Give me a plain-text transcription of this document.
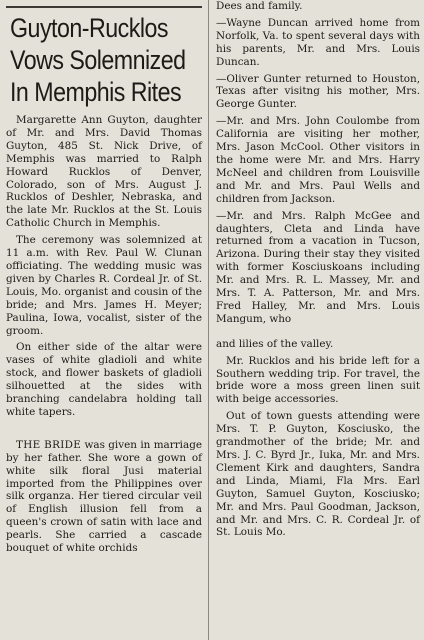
Guyton-Rucklos
Vows Solemnized
In Memphis Rites

Margarette Ann Guyton, daughter of Mr. and Mrs. David Thomas Guyton, 485 St. Nick Drive, of Memphis was married to Ralph Howard Rucklos of Denver, Colorado, son of Mrs. August J. Rucklos of Deshler, Nebraska, and the late Mr. Rucklos at the St. Louis Catholic Church in Memphis.

The ceremony was solemnized at 11 a.m. with Rev. Paul W. Clunan officiating. The wedding music was given by Charles R. Cordeal Jr. of St. Louis, Mo. organist and cousin of the bride; and Mrs. James H. Meyer; Paulina, Iowa, vocalist, sister of the groom.

On either side of the altar were vases of white gladioli and white stock, and flower baskets of gladioli silhouetted at the sides with branching candelabra holding tall white tapers.

THE BRIDE was given in marriage by her father. She wore a gown of white silk floral Jusi material imported from the Philippines over silk organza. Her tiered circular veil of English illusion fell from a queen's crown of satin with lace and pearls. She carried a cascade bouquet of white orchids

Dees and family.

—Wayne Duncan arrived home from Norfolk, Va. to spent several days with his parents, Mr. and Mrs. Louis Duncan.

—Oliver Gunter returned to Houston, Texas after visitng his mother, Mrs. George Gunter.

—Mr. and Mrs. John Coulombe from California are visiting her mother, Mrs. Jason McCool. Other visitors in the home were Mr. and Mrs. Harry McNeel and children from Louisville and Mr. and Mrs. Paul Wells and children from Jackson.

—Mr. and Mrs. Ralph McGee and daughters, Cleta and Linda have returned from a vacation in Tucson, Arizona. During their stay they visited with former Kosciuskoans including Mr. and Mrs. R. L. Massey, Mr. and Mrs. T. A. Patterson, Mr. and Mrs. Fred Halley, Mr. and Mrs. Louis Mangum, who

and lilies of the valley.

Mr. Rucklos and his bride left for a Southern wedding trip. For travel, the bride wore a moss green linen suit with beige accessories.

Out of town guests attending were Mrs. T. P. Guyton, Kosciusko, the grandmother of the bride; Mr. and Mrs. J. C. Byrd Jr., Iuka, Mr. and Mrs. Clement Kirk and daughters, Sandra and Linda, Miami, Fla Mrs. Earl Guyton, Samuel Guyton, Kosciusko; Mr. and Mrs. Paul Goodman, Jackson, and Mr. and Mrs. C. R. Cordeal Jr. of St. Louis Mo.
